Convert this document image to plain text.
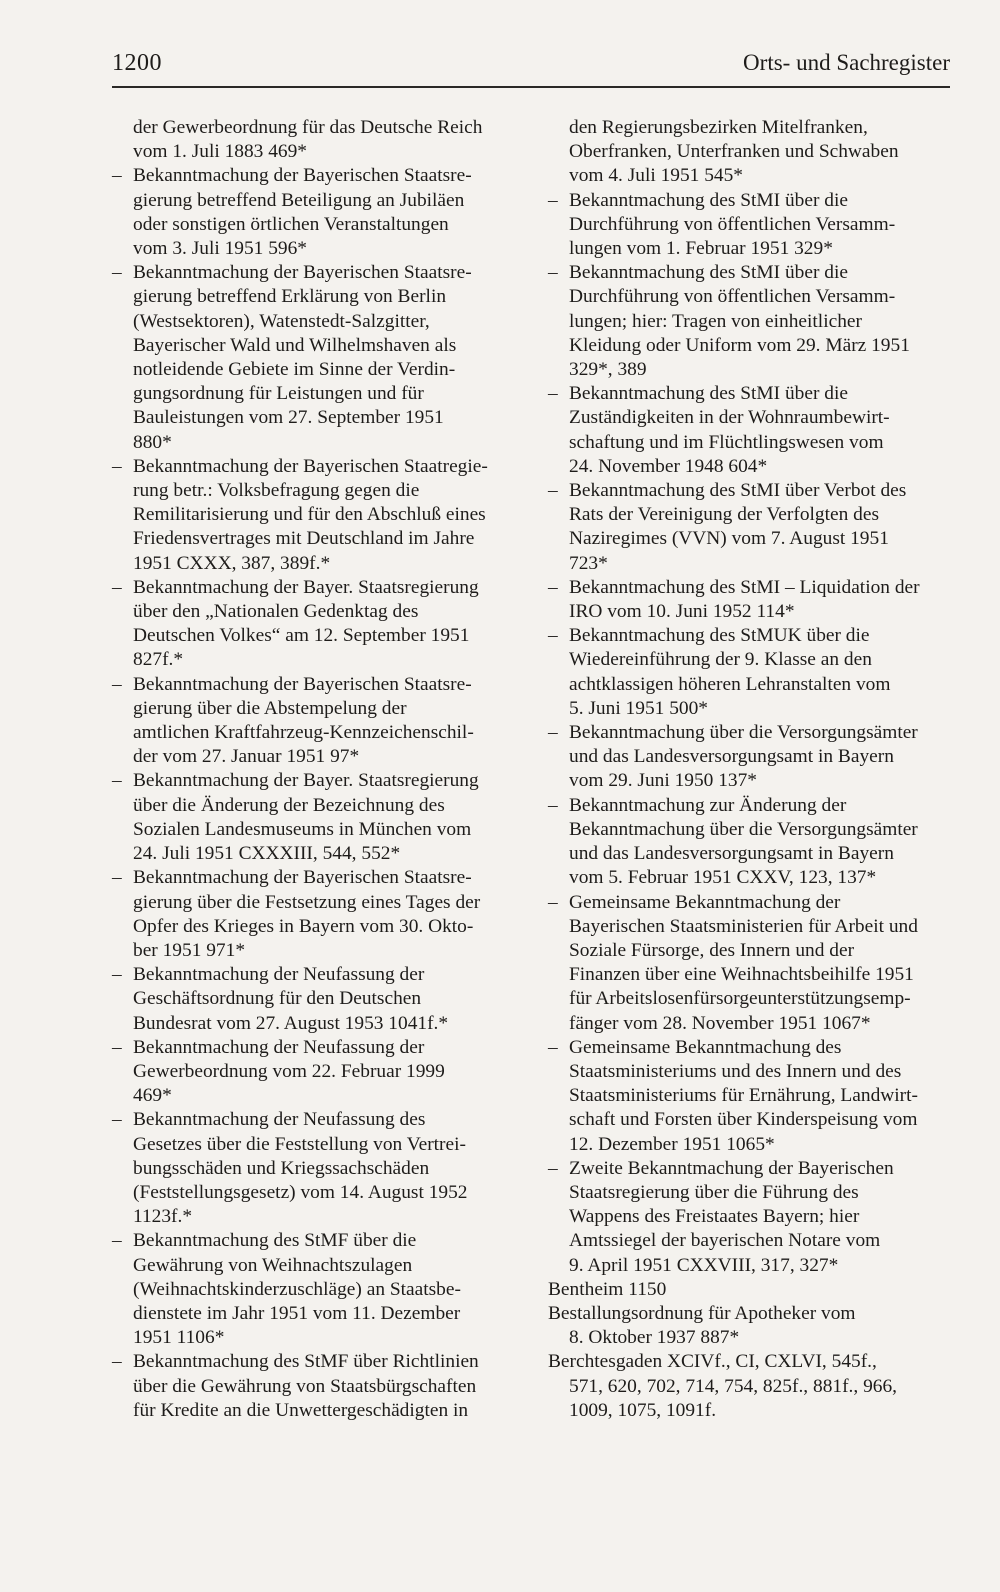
1200	Orts- und Sachregister
der Gewerbeordnung für das Deutsche Reich
vom 1. Juli 1883 469*
– Bekanntmachung der Bayerischen Staatsre-
gierung betreffend Beteiligung an Jubiläen
oder sonstigen örtlichen Veranstaltungen
vom 3. Juli 1951 596*
– Bekanntmachung der Bayerischen Staatsre-
gierung betreffend Erklärung von Berlin
(Westsektoren), Watenstedt-Salzgitter,
Bayerischer Wald und Wilhelmshaven als
notleidende Gebiete im Sinne der Verdin-
gungsordnung für Leistungen und für
Bauleistungen vom 27. September 1951
880*
– Bekanntmachung der Bayerischen Staatregie-
rung betr.: Volksbefragung gegen die
Remilitarisierung und für den Abschluß eines
Friedensvertrages mit Deutschland im Jahre
1951 CXXX, 387, 389f.*
– Bekanntmachung der Bayer. Staatsregierung
über den „Nationalen Gedenktag des
Deutschen Volkes“ am 12. September 1951
827f.*
– Bekanntmachung der Bayerischen Staatsre-
gierung über die Abstempelung der
amtlichen Kraftfahrzeug-Kennzeichenschil-
der vom 27. Januar 1951 97*
– Bekanntmachung der Bayer. Staatsregierung
über die Änderung der Bezeichnung des
Sozialen Landesmuseums in München vom
24. Juli 1951 CXXXIII, 544, 552*
– Bekanntmachung der Bayerischen Staatsre-
gierung über die Festsetzung eines Tages der
Opfer des Krieges in Bayern vom 30. Okto-
ber 1951 971*
– Bekanntmachung der Neufassung der
Geschäftsordnung für den Deutschen
Bundesrat vom 27. August 1953 1041f.*
– Bekanntmachung der Neufassung der
Gewerbeordnung vom 22. Februar 1999
469*
– Bekanntmachung der Neufassung des
Gesetzes über die Feststellung von Vertrei-
bungsschäden und Kriegssachschäden
(Feststellungsgesetz) vom 14. August 1952
1123f.*
– Bekanntmachung des StMF über die
Gewährung von Weihnachtszulagen
(Weihnachtskinderzuschläge) an Staatsbe-
dienstete im Jahr 1951 vom 11. Dezember
1951 1106*
– Bekanntmachung des StMF über Richtlinien
über die Gewährung von Staatsbürgschaften
für Kredite an die Unwettergeschädigten in
den Regierungsbezirken Mitelfranken,
Oberfranken, Unterfranken und Schwaben
vom 4. Juli 1951 545*
– Bekanntmachung des StMI über die
Durchführung von öffentlichen Versamm-
lungen vom 1. Februar 1951 329*
– Bekanntmachung des StMI über die
Durchführung von öffentlichen Versamm-
lungen; hier: Tragen von einheitlicher
Kleidung oder Uniform vom 29. März 1951
329*, 389
– Bekanntmachung des StMI über die
Zuständigkeiten in der Wohnraumbewirt-
schaftung und im Flüchtlingswesen vom
24. November 1948 604*
– Bekanntmachung des StMI über Verbot des
Rats der Vereinigung der Verfolgten des
Naziregimes (VVN) vom 7. August 1951
723*
– Bekanntmachung des StMI – Liquidation der
IRO vom 10. Juni 1952 114*
– Bekanntmachung des StMUK über die
Wiedereinführung der 9. Klasse an den
achtklassigen höheren Lehranstalten vom
5. Juni 1951 500*
– Bekanntmachung über die Versorgungsämter
und das Landesversorgungsamt in Bayern
vom 29. Juni 1950 137*
– Bekanntmachung zur Änderung der
Bekanntmachung über die Versorgungsämter
und das Landesversorgungsamt in Bayern
vom 5. Februar 1951 CXXV, 123, 137*
– Gemeinsame Bekanntmachung der
Bayerischen Staatsministerien für Arbeit und
Soziale Fürsorge, des Innern und der
Finanzen über eine Weihnachtsbeihilfe 1951
für Arbeitslosenfürsorgeunterstützungsemp-
fänger vom 28. November 1951 1067*
– Gemeinsame Bekanntmachung des
Staatsministeriums und des Innern und des
Staatsministeriums für Ernährung, Landwirt-
schaft und Forsten über Kinderspeisung vom
12. Dezember 1951 1065*
– Zweite Bekanntmachung der Bayerischen
Staatsregierung über die Führung des
Wappens des Freistaates Bayern; hier
Amtssiegel der bayerischen Notare vom
9. April 1951 CXXVIII, 317, 327*
Bentheim 1150
Bestallungsordnung für Apotheker vom
8. Oktober 1937 887*
Berchtesgaden XCIVf., CI, CXLVI, 545f.,
571, 620, 702, 714, 754, 825f., 881f., 966,
1009, 1075, 1091f.
